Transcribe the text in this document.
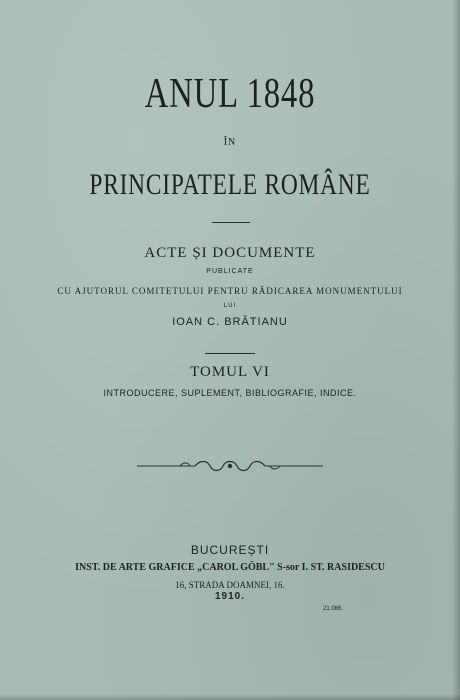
ANUL 1848
ÎN
PRINCIPATELE ROMÂNE
ACTE ȘI DOCUMENTE
PUBLICATE
CU AJUTORUL COMITETULUI PENTRU RĂDICAREA MONUMENTULUI
LUI
IOAN C. BRĂTIANU
TOMUL VI
INTRODUCERE, SUPLEMENT, BIBLIOGRAFIE, INDICE.
BUCUREȘTI
INST. DE ARTE GRAFICE „CAROL GÖBL" S-sor I. ST. RASIDESCU
16, STRADA DOAMNEI, 16.
1910.
21.086.
